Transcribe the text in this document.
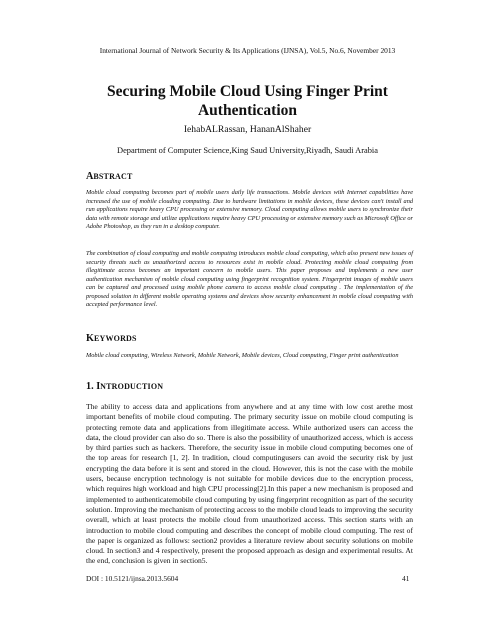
International Journal of Network Security & Its Applications (IJNSA), Vol.5, No.6, November 2013
Securing Mobile Cloud Using Finger Print Authentication
IehabALRassan, HananAlShaher
Department of Computer Science,King Saud University,Riyadh, Saudi Arabia
ABSTRACT

Mobile cloud computing becomes part of mobile users daily life transactions. Mobile devices with Internet capabilities have increased the use of mobile clouding computing. Due to hardware limitations in mobile devices, these devices can't install and run applications require heavy CPU processing or extensive memory. Cloud computing allows mobile users to synchronize their data with remote storage and utilize applications require heavy CPU processing or extensive memory such as Microsoft Office or Adobe Photoshop, as they run in a desktop computer.

The combination of cloud computing and mobile computing introduces mobile cloud computing, which also present new issues of security threats such as unauthorized access to resources exist in mobile cloud. Protecting mobile cloud computing from illegitimate access becomes an important concern to mobile users. This paper proposes and implements a new user authentication mechanism of mobile cloud computing using fingerprint recognition system. Fingerprint images of mobile users can be captured and processed using mobile phone camera to access mobile cloud computing . The implementation of the proposed solution in different mobile operating systems and devices show security enhancement in mobile cloud computing with accepted performance level.

KEYWORDS

Mobile cloud computing, Wireless Network, Mobile Network, Mobile devices, Cloud computing, Finger print authentication

1. INTRODUCTION

The ability to access data and applications from anywhere and at any time with low cost arethe most important benefits of mobile cloud computing. The primary security issue on mobile cloud computing is protecting remote data and applications from illegitimate access. While authorized users can access the data, the cloud provider can also do so. There is also the possibility of unauthorized access, which is access by third parties such as hackers. Therefore, the security issue in mobile cloud computing becomes one of the top areas for research [1, 2]. In tradition, cloud computingusers can avoid the security risk by just encrypting the data before it is sent and stored in the cloud. However, this is not the case with the mobile users, because encryption technology is not suitable for mobile devices due to the encryption process, which requires high workload and high CPU processing[2].In this paper a new mechanism is proposed and implemented to authenticatemobile cloud computing by using fingerprint recognition as part of the security solution. Improving the mechanism of protecting access to the mobile cloud leads to improving the security overall, which at least protects the mobile cloud from unauthorized access. This section starts with an introduction to mobile cloud computing and describes the concept of mobile cloud computing. The rest of the paper is organized as follows: section2 provides a literature review about security solutions on mobile cloud. In section3 and 4 respectively, present the proposed approach as design and experimental results. At the end, conclusion is given in section5.

DOI : 10.5121/ijnsa.2013.5604	41
